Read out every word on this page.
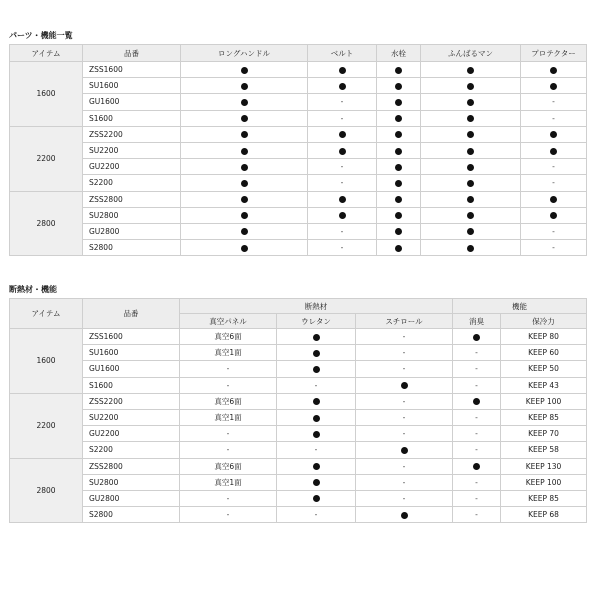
パーツ・機能一覧
アイテム	品番	ロングハンドル	ベルト	水栓	ふんばるマン	プロテクター
1600	ZSS1600					
	SU1600					
	GU1600		-			-
	S1600		-			-
2200	ZSS2200					
	SU2200					
	GU2200		-			-
	S2200		-			-
2800	ZSS2800					
	SU2800					
	GU2800		-			-
	S2800		-			-
断熱材・機能
アイテム	品番	断熱材			機能	
		真空パネル	ウレタン	スチロール	消臭	保冷力
1600	ZSS1600	真空6面		-		KEEP 80
	SU1600	真空1面		-	-	KEEP 60
	GU1600	-		-	-	KEEP 50
	S1600	-	-		-	KEEP 43
2200	ZSS2200	真空6面		-		KEEP 100
	SU2200	真空1面		-	-	KEEP 85
	GU2200	-		-	-	KEEP 70
	S2200	-	-		-	KEEP 58
2800	ZSS2800	真空6面		-		KEEP 130
	SU2800	真空1面		-	-	KEEP 100
	GU2800	-		-	-	KEEP 85
	S2800	-	-		-	KEEP 68
